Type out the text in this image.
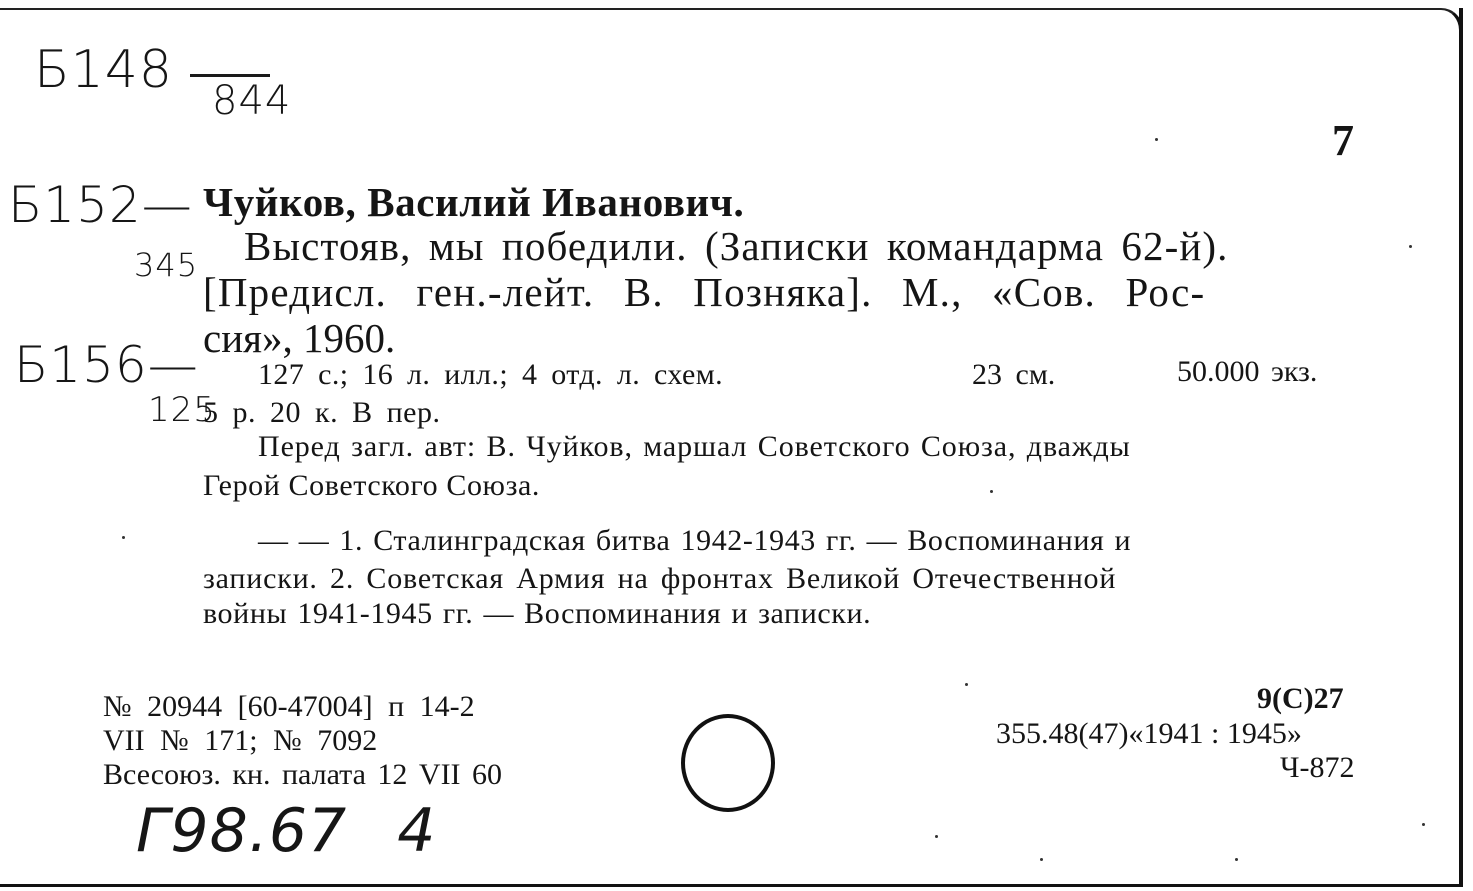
Б148
844
Б152—
345
Б156—
125
7
Чуйков, Василий Иванович.
Выстояв, мы победили. (Записки командарма 62-й).
[Предисл. ген.-лейт. В. Позняка]. М., «Сов. Рос-
сия», 1960.
127 с.; 16 л. илл.; 4 отд. л. схем.	23 см.	50.000 экз.
5 р. 20 к. В пер.
Перед загл. авт: В. Чуйков, маршал Советского Союза, дважды
Герой Советского Союза.
— — 1. Сталинградская битва 1942-1943 гг. — Воспоминания и
записки. 2. Советская Армия на фронтах Великой Отечественной
войны 1941-1945 гг. — Воспоминания и записки.
№ 20944 [60-47004] п 14-2
VII № 171; № 7092
Всесоюз. кн. палата 12 VII 60
9(С)27
355.48(47)«1941 : 1945»
Ч-872
Г98.67 4
